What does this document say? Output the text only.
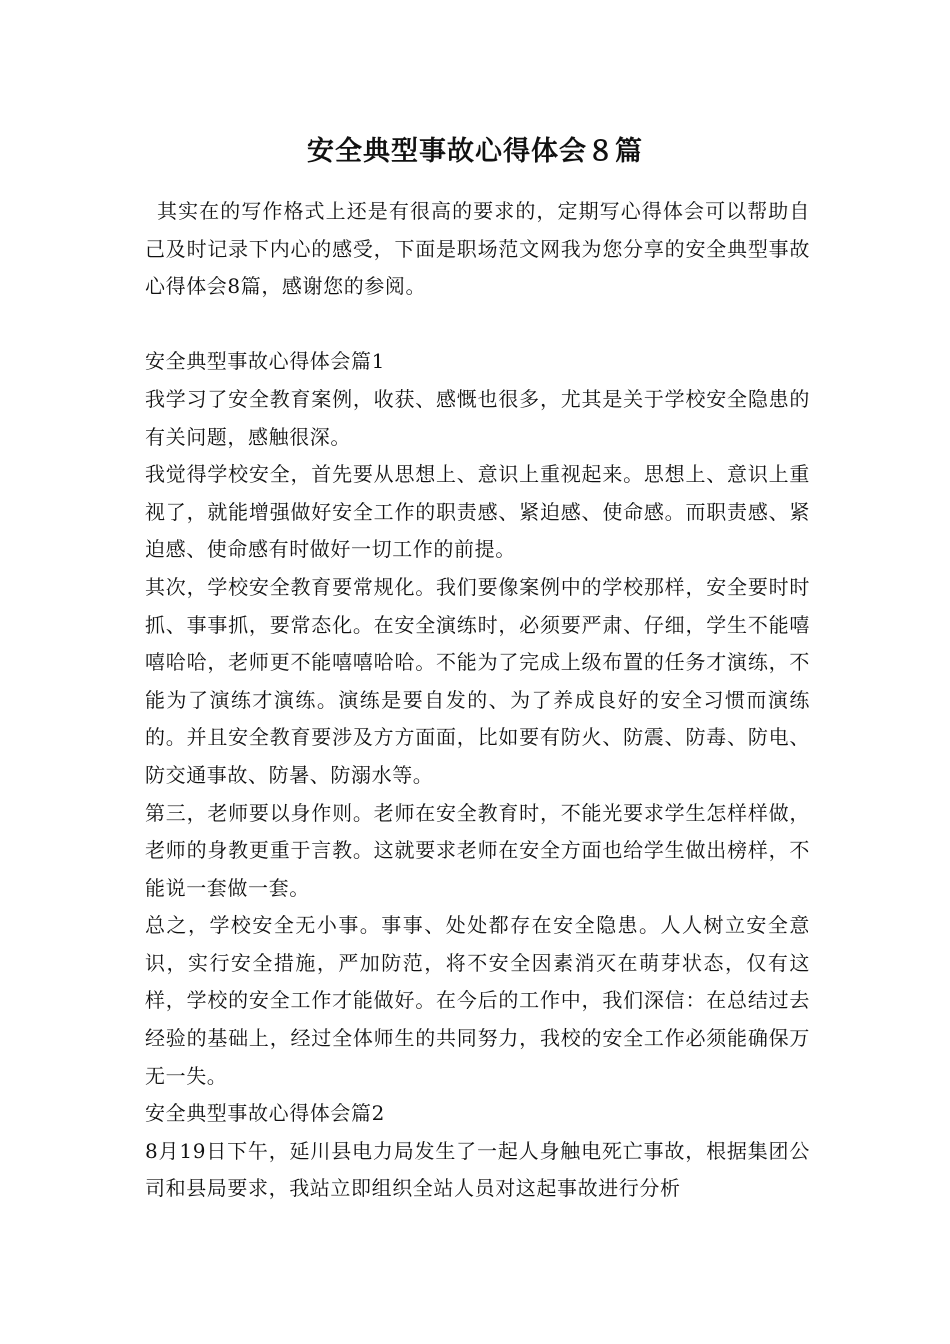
安全典型事故心得体会８篇

其实在的写作格式上还是有很高的要求的，定期写心得体会可以帮助自己及时记录下内心的感受，下面是职场范文网我为您分享的安全典型事故心得体会8篇，感谢您的参阅。

安全典型事故心得体会篇1

我学习了安全教育案例，收获、感慨也很多，尤其是关于学校安全隐患的有关问题，感触很深。

我觉得学校安全，首先要从思想上、意识上重视起来。思想上、意识上重视了，就能增强做好安全工作的职责感、紧迫感、使命感。而职责感、紧迫感、使命感有时做好一切工作的前提。

其次，学校安全教育要常规化。我们要像案例中的学校那样，安全要时时抓、事事抓，要常态化。在安全演练时，必须要严肃、仔细，学生不能嘻嘻哈哈，老师更不能嘻嘻哈哈。不能为了完成上级布置的任务才演练，不能为了演练才演练。演练是要自发的、为了养成良好的安全习惯而演练的。并且安全教育要涉及方方面面，比如要有防火、防震、防毒、防电、防交通事故、防暑、防溺水等。

第三，老师要以身作则。老师在安全教育时，不能光要求学生怎样样做，老师的身教更重于言教。这就要求老师在安全方面也给学生做出榜样，不能说一套做一套。

总之，学校安全无小事。事事、处处都存在安全隐患。人人树立安全意识，实行安全措施，严加防范，将不安全因素消灭在萌芽状态，仅有这样，学校的安全工作才能做好。在今后的工作中，我们深信：在总结过去经验的基础上，经过全体师生的共同努力，我校的安全工作必须能确保万无一失。

安全典型事故心得体会篇2

8月19日下午，延川县电力局发生了一起人身触电死亡事故，根据集团公司和县局要求，我站立即组织全站人员对这起事故进行分析
